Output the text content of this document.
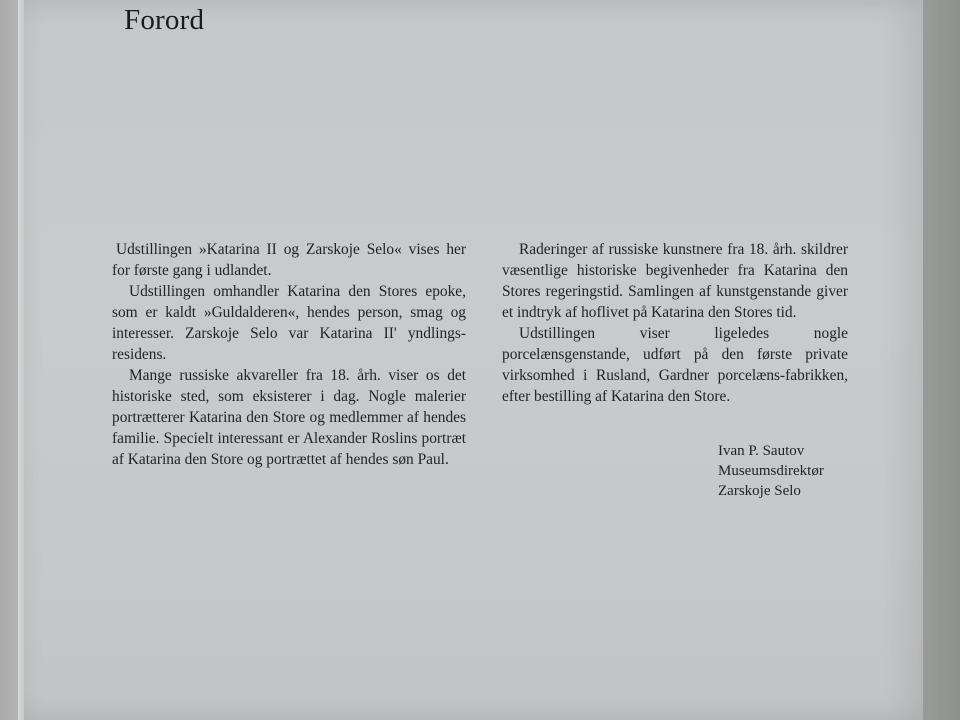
Forord

Udstillingen »Katarina II og Zarskoje Selo« vises her for første gang i udlandet.

Udstillingen omhandler Katarina den Stores epoke, som er kaldt »Guldalderen«, hendes person, smag og interesser. Zarskoje Selo var Katarina II' yndlings-residens.

Mange russiske akvareller fra 18. årh. viser os det historiske sted, som eksisterer i dag. Nogle malerier portrætterer Katarina den Store og medlemmer af hendes familie. Specielt interessant er Alexander Roslins portræt af Katarina den Store og portrættet af hendes søn Paul.

Raderinger af russiske kunstnere fra 18. årh. skildrer væsentlige historiske begivenheder fra Katarina den Stores regeringstid. Samlingen af kunstgenstande giver et indtryk af hoflivet på Katarina den Stores tid.

Udstillingen viser ligeledes nogle porcelænsgenstande, udført på den første private virksomhed i Rusland, Gardner porcelæns-fabrikken, efter bestilling af Katarina den Store.

Ivan P. Sautov
Museumsdirektør
Zarskoje Selo
